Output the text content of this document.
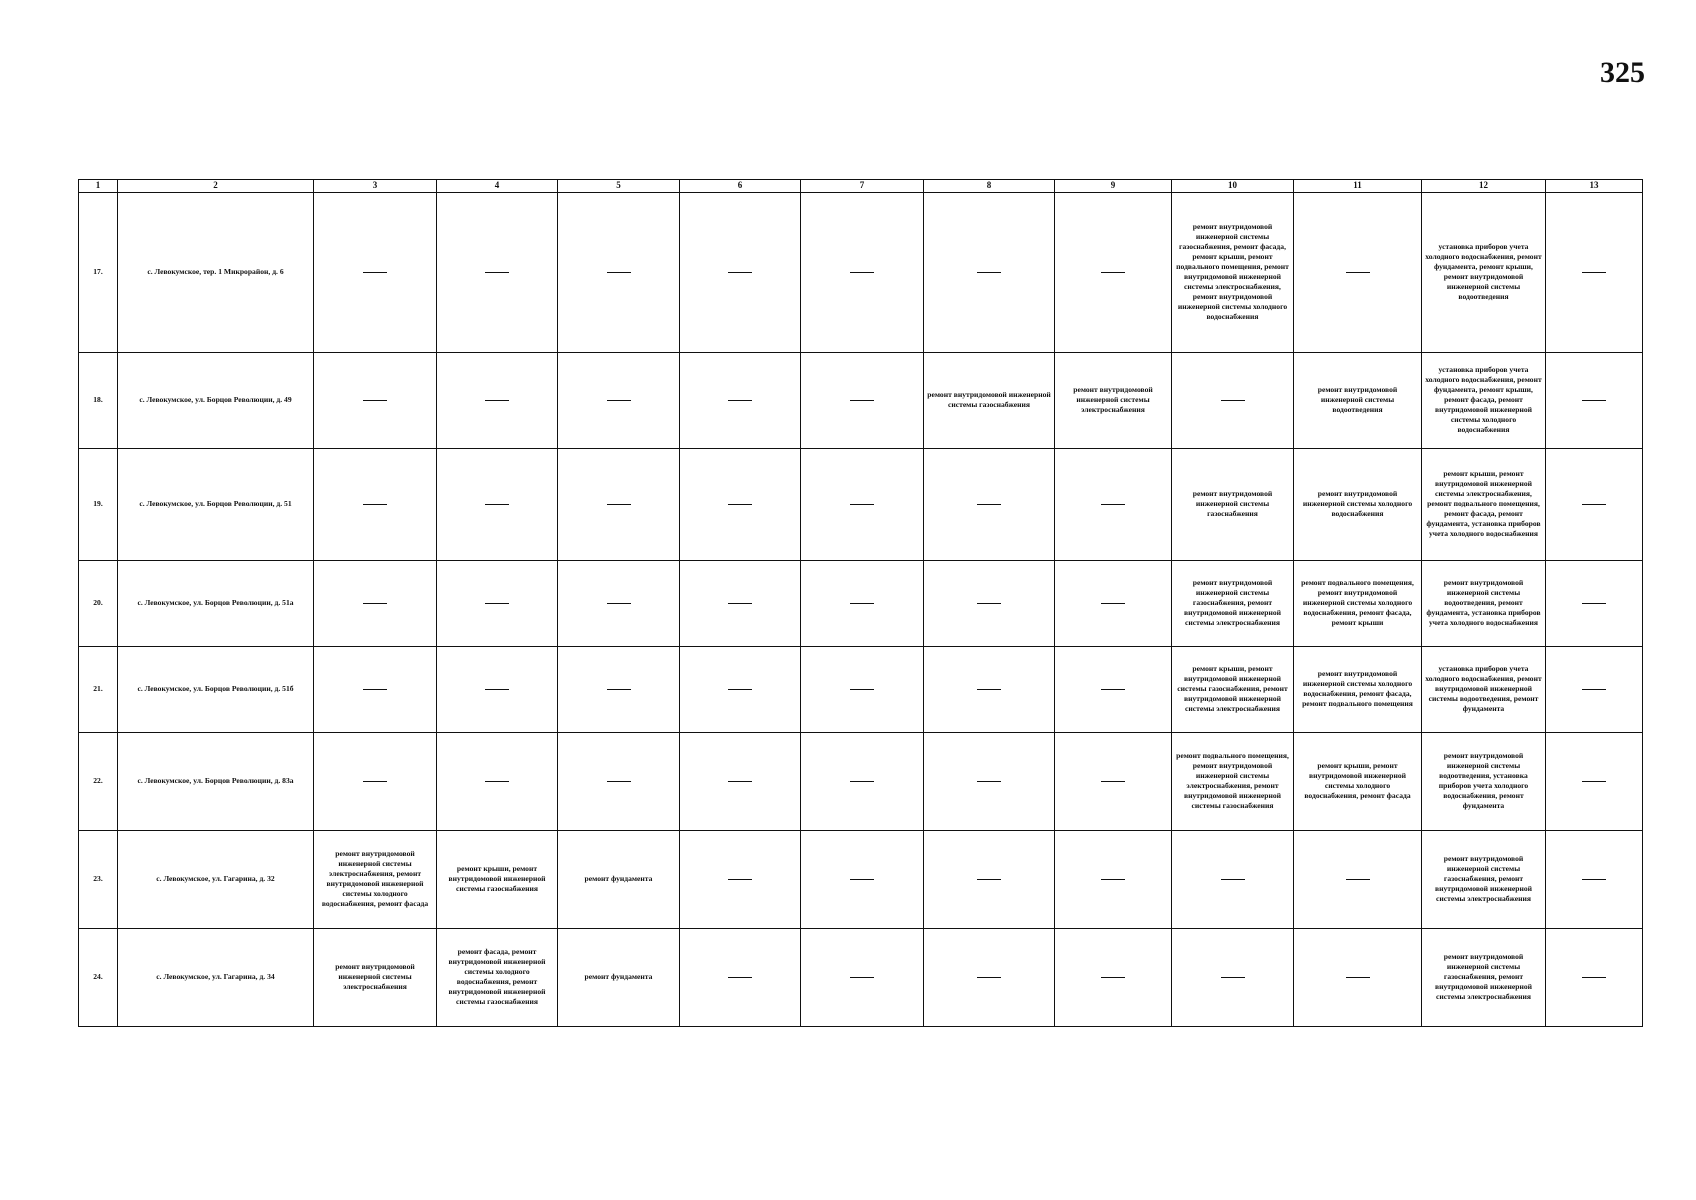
325
1	2	3	4	5	6	7	8	9	10	11	12	13
17.	с. Левокумское, тер. 1 Микрорайон, д. 6								ремонт внутридомовой инженерной системы газоснабжения, ремонт фасада, ремонт крыши, ремонт подвального помещения, ремонт внутридомовой инженерной системы электроснабжения, ремонт внутридомовой инженерной системы холодного водоснабжения		установка приборов учета холодного водоснабжения, ремонт фундамента, ремонт крыши, ремонт внутридомовой инженерной системы водоотведения	
18.	с. Левокумское, ул. Борцов Революции, д. 49						ремонт внутридомовой инженерной системы газоснабжения	ремонт внутридомовой инженерной системы электроснабжения		ремонт внутридомовой инженерной системы водоотведения	установка приборов учета холодного водоснабжения, ремонт фундамента, ремонт крыши, ремонт фасада, ремонт внутридомовой инженерной системы холодного водоснабжения	
19.	с. Левокумское, ул. Борцов Революции, д. 51								ремонт внутридомовой инженерной системы газоснабжения	ремонт внутридомовой инженерной системы холодного водоснабжения	ремонт крыши, ремонт внутридомовой инженерной системы электроснабжения, ремонт подвального помещения, ремонт фасада, ремонт фундамента, установка приборов учета холодного водоснабжения	
20.	с. Левокумское, ул. Борцов Революции, д. 51а								ремонт внутридомовой инженерной системы газоснабжения, ремонт внутридомовой инженерной системы электроснабжения	ремонт подвального помещения, ремонт внутридомовой инженерной системы холодного водоснабжения, ремонт фасада, ремонт крыши	ремонт внутридомовой инженерной системы водоотведения, ремонт фундамента, установка приборов учета холодного водоснабжения	
21.	с. Левокумское, ул. Борцов Революции, д. 51б								ремонт крыши, ремонт внутридомовой инженерной системы газоснабжения, ремонт внутридомовой инженерной системы электроснабжения	ремонт внутридомовой инженерной системы холодного водоснабжения, ремонт фасада, ремонт подвального помещения	установка приборов учета холодного водоснабжения, ремонт внутридомовой инженерной системы водоотведения, ремонт фундамента	
22.	с. Левокумское, ул. Борцов Революции, д. 83а								ремонт подвального помещения, ремонт внутридомовой инженерной системы электроснабжения, ремонт внутридомовой инженерной системы газоснабжения	ремонт крыши, ремонт внутридомовой инженерной системы холодного водоснабжения, ремонт фасада	ремонт внутридомовой инженерной системы водоотведения, установка приборов учета холодного водоснабжения, ремонт фундамента	
23.	с. Левокумское, ул. Гагарина, д. 32	ремонт внутридомовой инженерной системы электроснабжения, ремонт внутридомовой инженерной системы холодного водоснабжения, ремонт фасада	ремонт крыши, ремонт внутридомовой инженерной системы газоснабжения	ремонт фундамента							ремонт внутридомовой инженерной системы газоснабжения, ремонт внутридомовой инженерной системы электроснабжения	
24.	с. Левокумское, ул. Гагарина, д. 34	ремонт внутридомовой инженерной системы электроснабжения	ремонт фасада, ремонт внутридомовой инженерной системы холодного водоснабжения, ремонт внутридомовой инженерной системы газоснабжения	ремонт фундамента							ремонт внутридомовой инженерной системы газоснабжения, ремонт внутридомовой инженерной системы электроснабжения	
